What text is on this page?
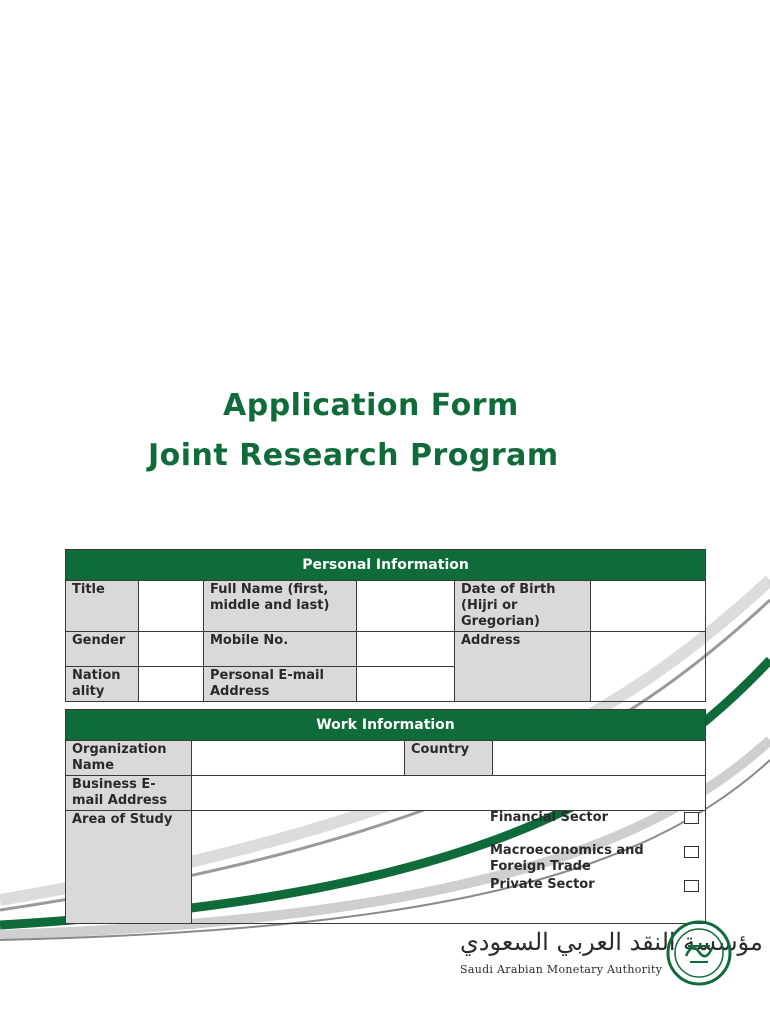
Application Form
Joint Research Program
Personal Information					
Title		Full Name (first, middle and last)		Date of Birth (Hijri or Gregorian)	
Gender		Mobile No.		Address	
Nation ality		Personal E-mail Address			
Work Information			
Organization Name		Country	
Business E-mail Address			
Area of Study				Financial Sector
Macroeconomics and Foreign Trade
Private Sector
مؤسسة النقد العربي السعودي
Saudi Arabian Monetary Authority
